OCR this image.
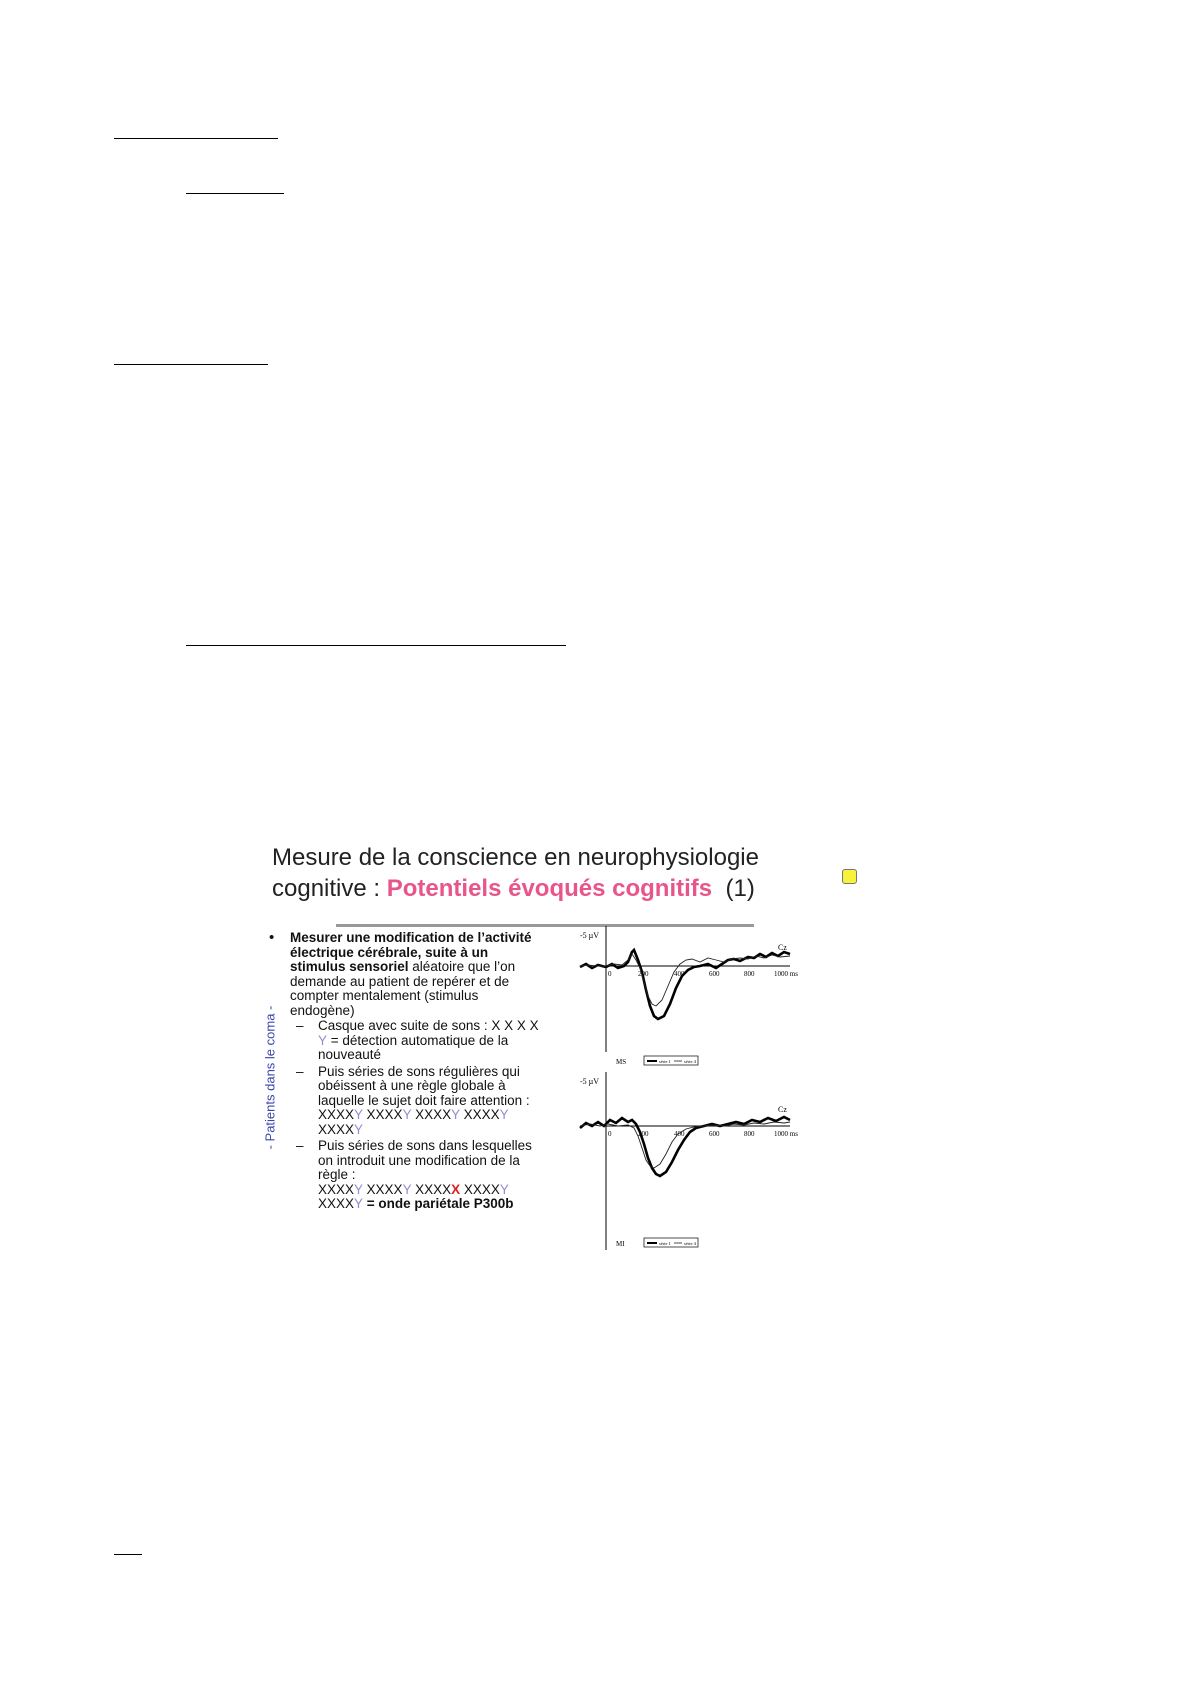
Mesure de la conscience en neurophysiologie
cognitive : Potentiels évoqués cognitifs (1)
- Patients dans le coma -
• Mesurer une modification de l’activité électrique cérébrale, suite à un stimulus sensoriel aléatoire que l’on demande au patient de repérer et de compter mentalement (stimulus endogène)
– Casque avec suite de sons : X X X X Y = détection automatique de la nouveauté
– Puis séries de sons régulières qui obéissent à une règle globale à laquelle le sujet doit faire attention :
XXXXY XXXXY XXXXY XXXXY XXXXY
– Puis séries de sons dans lesquelles on introduit une modification de la règle :
XXXXY XXXXY XXXXX XXXXY
XXXXY = onde pariétale P300b
-5 µV
Cz
0	200	400	600	800	1000 ms
MS	série 1	série 4
-5 µV
Cz
0	200	400	600	800	1000 ms
MI	série 1	série 4
